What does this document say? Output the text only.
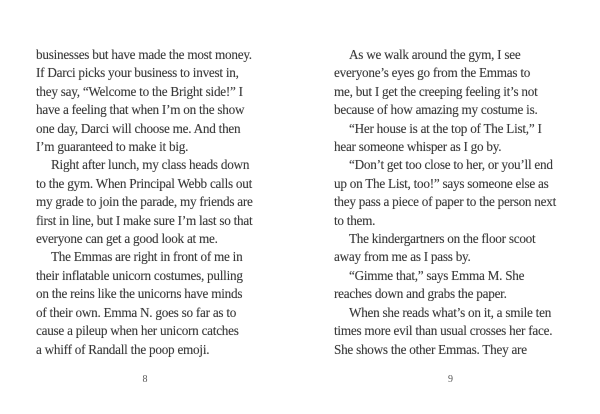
businesses but have made the most money.
If Darci picks your business to invest in,
they say, “Welcome to the Bright side!” I
have a feeling that when I’m on the show
one day, Darci will choose me. And then
I’m guaranteed to make it big.
Right after lunch, my class heads down
to the gym. When Principal Webb calls out
my grade to join the parade, my friends are
first in line, but I make sure I’m last so that
everyone can get a good look at me.
The Emmas are right in front of me in
their inflatable unicorn costumes, pulling
on the reins like the unicorns have minds
of their own. Emma N. goes so far as to
cause a pileup when her unicorn catches
a whiff of Randall the poop emoji.
8
As we walk around the gym, I see
everyone’s eyes go from the Emmas to
me, but I get the creeping feeling it’s not
because of how amazing my costume is.
“Her house is at the top of The List,” I
hear someone whisper as I go by.
“Don’t get too close to her, or you’ll end
up on The List, too!” says someone else as
they pass a piece of paper to the person next
to them.
The kindergartners on the floor scoot
away from me as I pass by.
“Gimme that,” says Emma M. She
reaches down and grabs the paper.
When she reads what’s on it, a smile ten
times more evil than usual crosses her face.
She shows the other Emmas. They are
9
